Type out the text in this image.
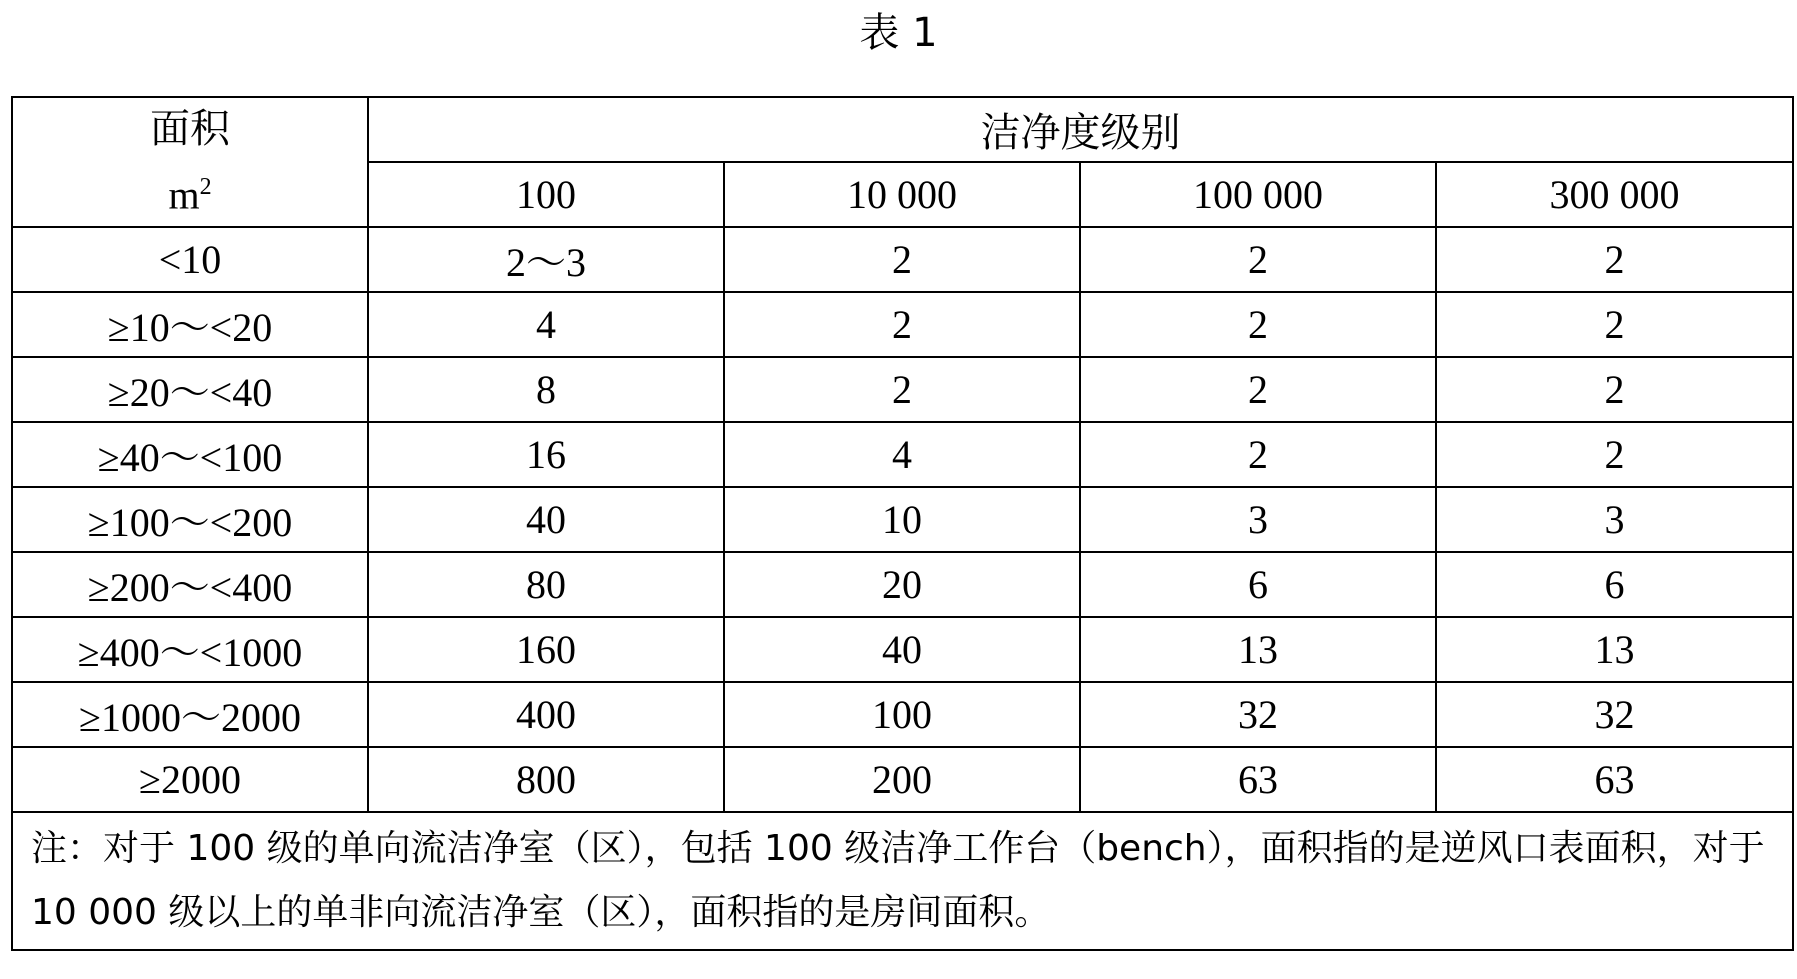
表 1
面积
$m^2$	洁净度级别			
	100	10 000	100 000	300 000
<10	2～3	2	2	2
≥10～<20	4	2	2	2
≥20～<40	8	2	2	2
≥40～<100	16	4	2	2
≥100～<200	40	10	3	3
≥200～<400	80	20	6	6
≥400～<1000	160	40	13	13
≥1000～2000	400	100	32	32
≥2000	800	200	63	63
注：对于 100 级的单向流洁净室（区），包括 100 级洁净工作台（bench），面积指的是逆风口表面积，对于 10 000 级以上的单非向流洁净室（区），面积指的是房间面积。				
